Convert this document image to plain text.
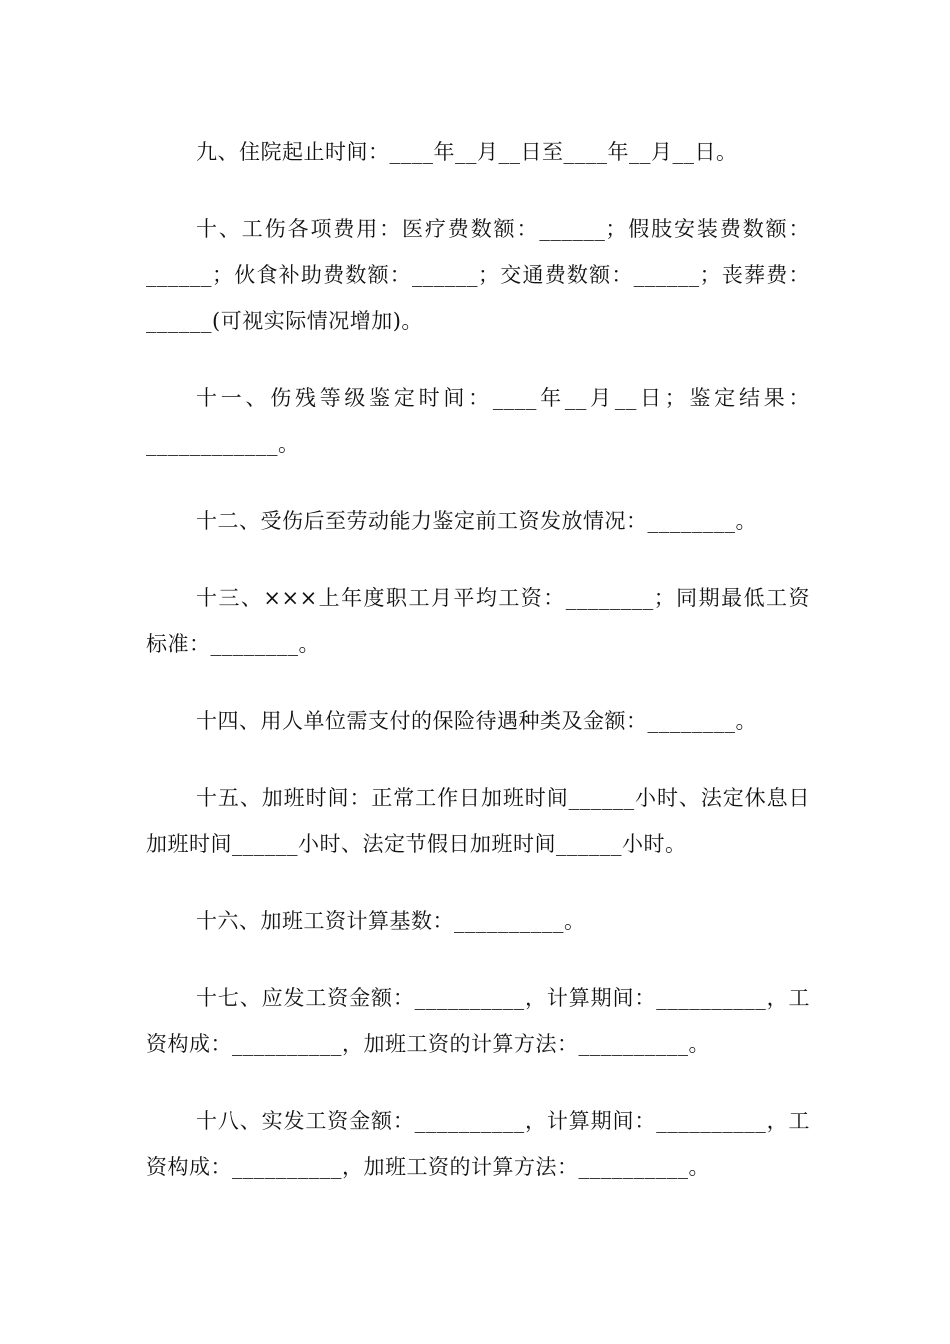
九、住院起止时间：____年__月__日至____年__月__日。

十、工伤各项费用：医疗费数额：______；假肢安装费数额：______；伙食补助费数额：______；交通费数额：______；丧葬费：______(可视实际情况增加)。

十一、伤残等级鉴定时间：____年__月__日；鉴定结果：____________。

十二、受伤后至劳动能力鉴定前工资发放情况：________。

十三、×××上年度职工月平均工资：________；同期最低工资标准：________。

十四、用人单位需支付的保险待遇种类及金额：________。

十五、加班时间：正常工作日加班时间______小时、法定休息日加班时间______小时、法定节假日加班时间______小时。

十六、加班工资计算基数：__________。

十七、应发工资金额：__________，计算期间：__________，工资构成：__________，加班工资的计算方法：__________。

十八、实发工资金额：__________，计算期间：__________，工资构成：__________，加班工资的计算方法：__________。
